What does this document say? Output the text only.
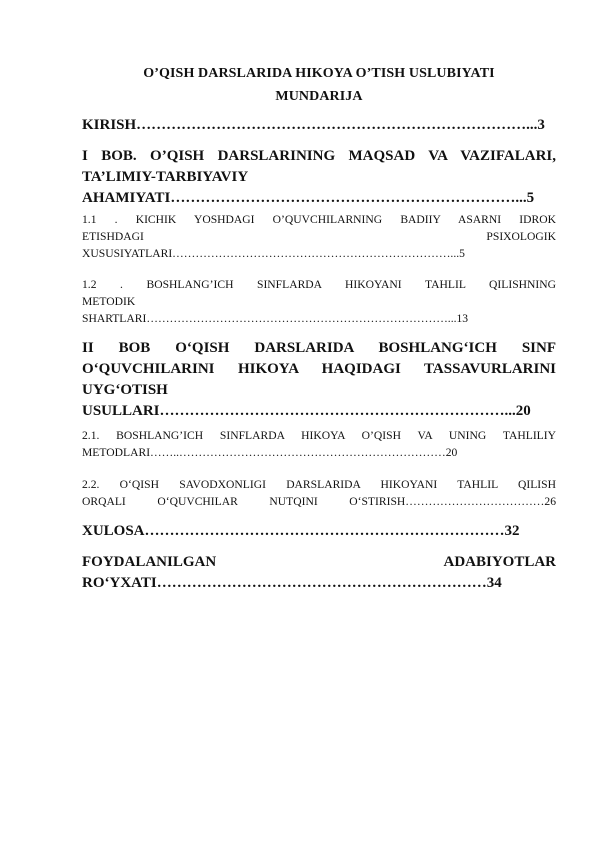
O’QISH DARSLARIDA HIKOYA O’TISH USLUBIYATI
MUNDARIJA
KIRISH……………………………………………………………………...3
I BOB. O’QISH DARSLARINING MAQSAD VA VAZIFALARI,
TA’LIMIY-TARBIYAVIY
AHAMIYATI……………………………………………………………...5
1.1 . KICHIK YOSHDAGI O’QUVCHILARNING BADIIY ASARNI IDROK
ETISHDAGI PSIXOLOGIK
XUSUSIYATLARI………………………………………………………………...5
1.2 . BOSHLANG’ICH SINFLARDA HIKOYANI TAHLIL QILISHNING
METODIK
SHARTLARI……………………………………………………………………...13
II BOB O‘QISH DARSLARIDA BOSHLANG‘ICH SINF
O‘QUVCHILARINI HIKOYA HAQIDAGI TASSAVURLARINI
UYG‘OTISH
USULLARI……………………………………………………………...20
2.1. BOSHLANG’ICH SINFLARDA HIKOYA O’QISH VA UNING TAHLILIY
METODLARI……..……………………………………………………………20
2.2. O‘QISH SAVODXONLIGI DARSLARIDA HIKOYANI TAHLIL QILISH
ORQALI O‘QUVCHILAR NUTQINI O‘STIRISH………………………………26
XULOSA………………………………………………………………32
FOYDALANILGAN ADABIYOTLAR
RO‘YXATI…………………………………………………………34
